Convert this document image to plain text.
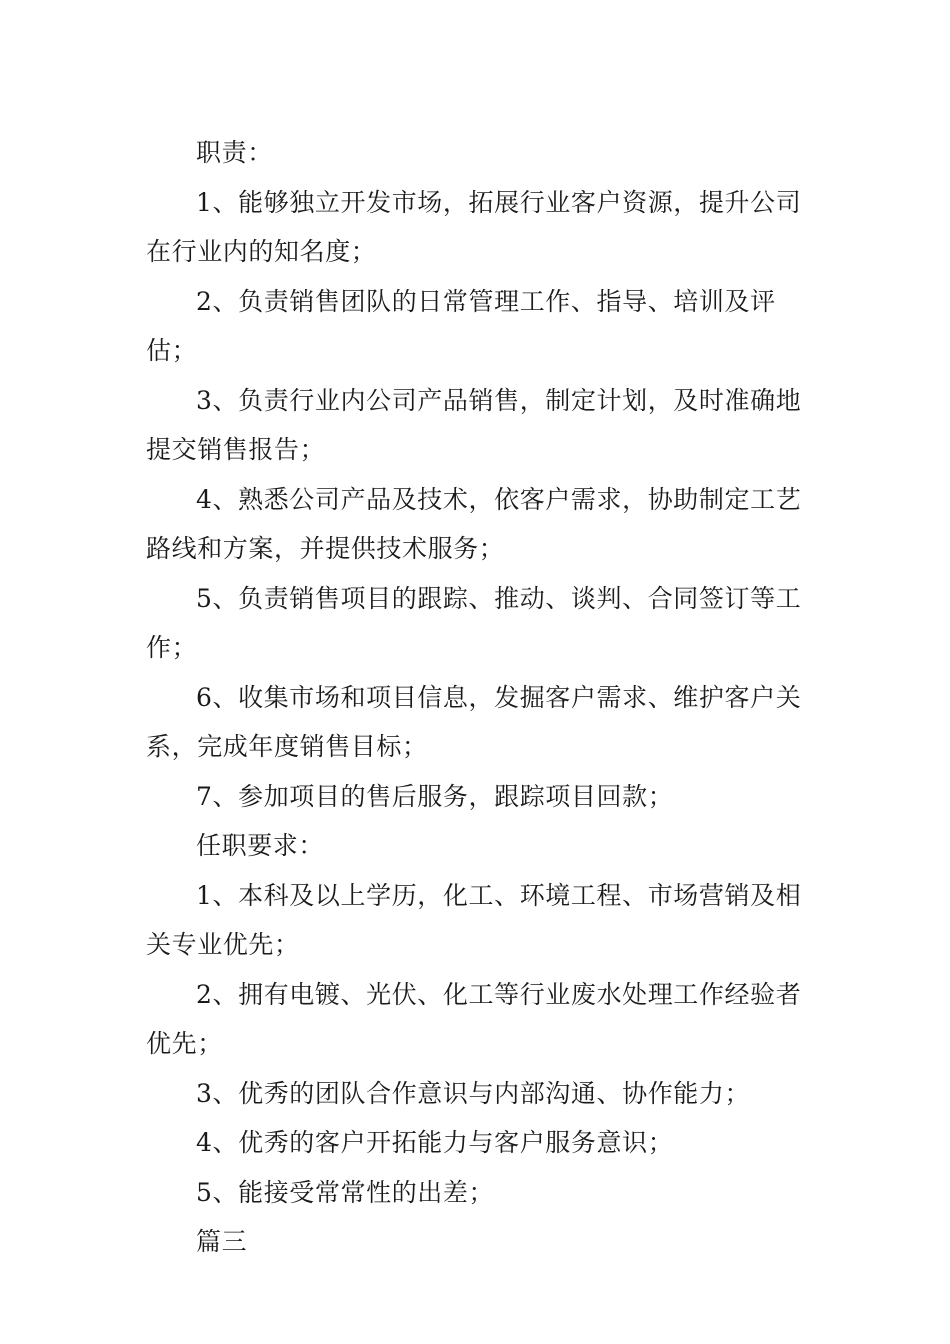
职责：

1、能够独立开发市场，拓展行业客户资源，提升公司在行业内的知名度；

2、负责销售团队的日常管理工作、指导、培训及评估；

3、负责行业内公司产品销售，制定计划，及时准确地提交销售报告；

4、熟悉公司产品及技术，依客户需求，协助制定工艺路线和方案，并提供技术服务；

5、负责销售项目的跟踪、推动、谈判、合同签订等工作；

6、收集市场和项目信息，发掘客户需求、维护客户关系，完成年度销售目标；

7、参加项目的售后服务，跟踪项目回款；

任职要求：

1、本科及以上学历，化工、环境工程、市场营销及相关专业优先；

2、拥有电镀、光伏、化工等行业废水处理工作经验者优先；

3、优秀的团队合作意识与内部沟通、协作能力；

4、优秀的客户开拓能力与客户服务意识；

5、能接受常常性的出差；

篇三
